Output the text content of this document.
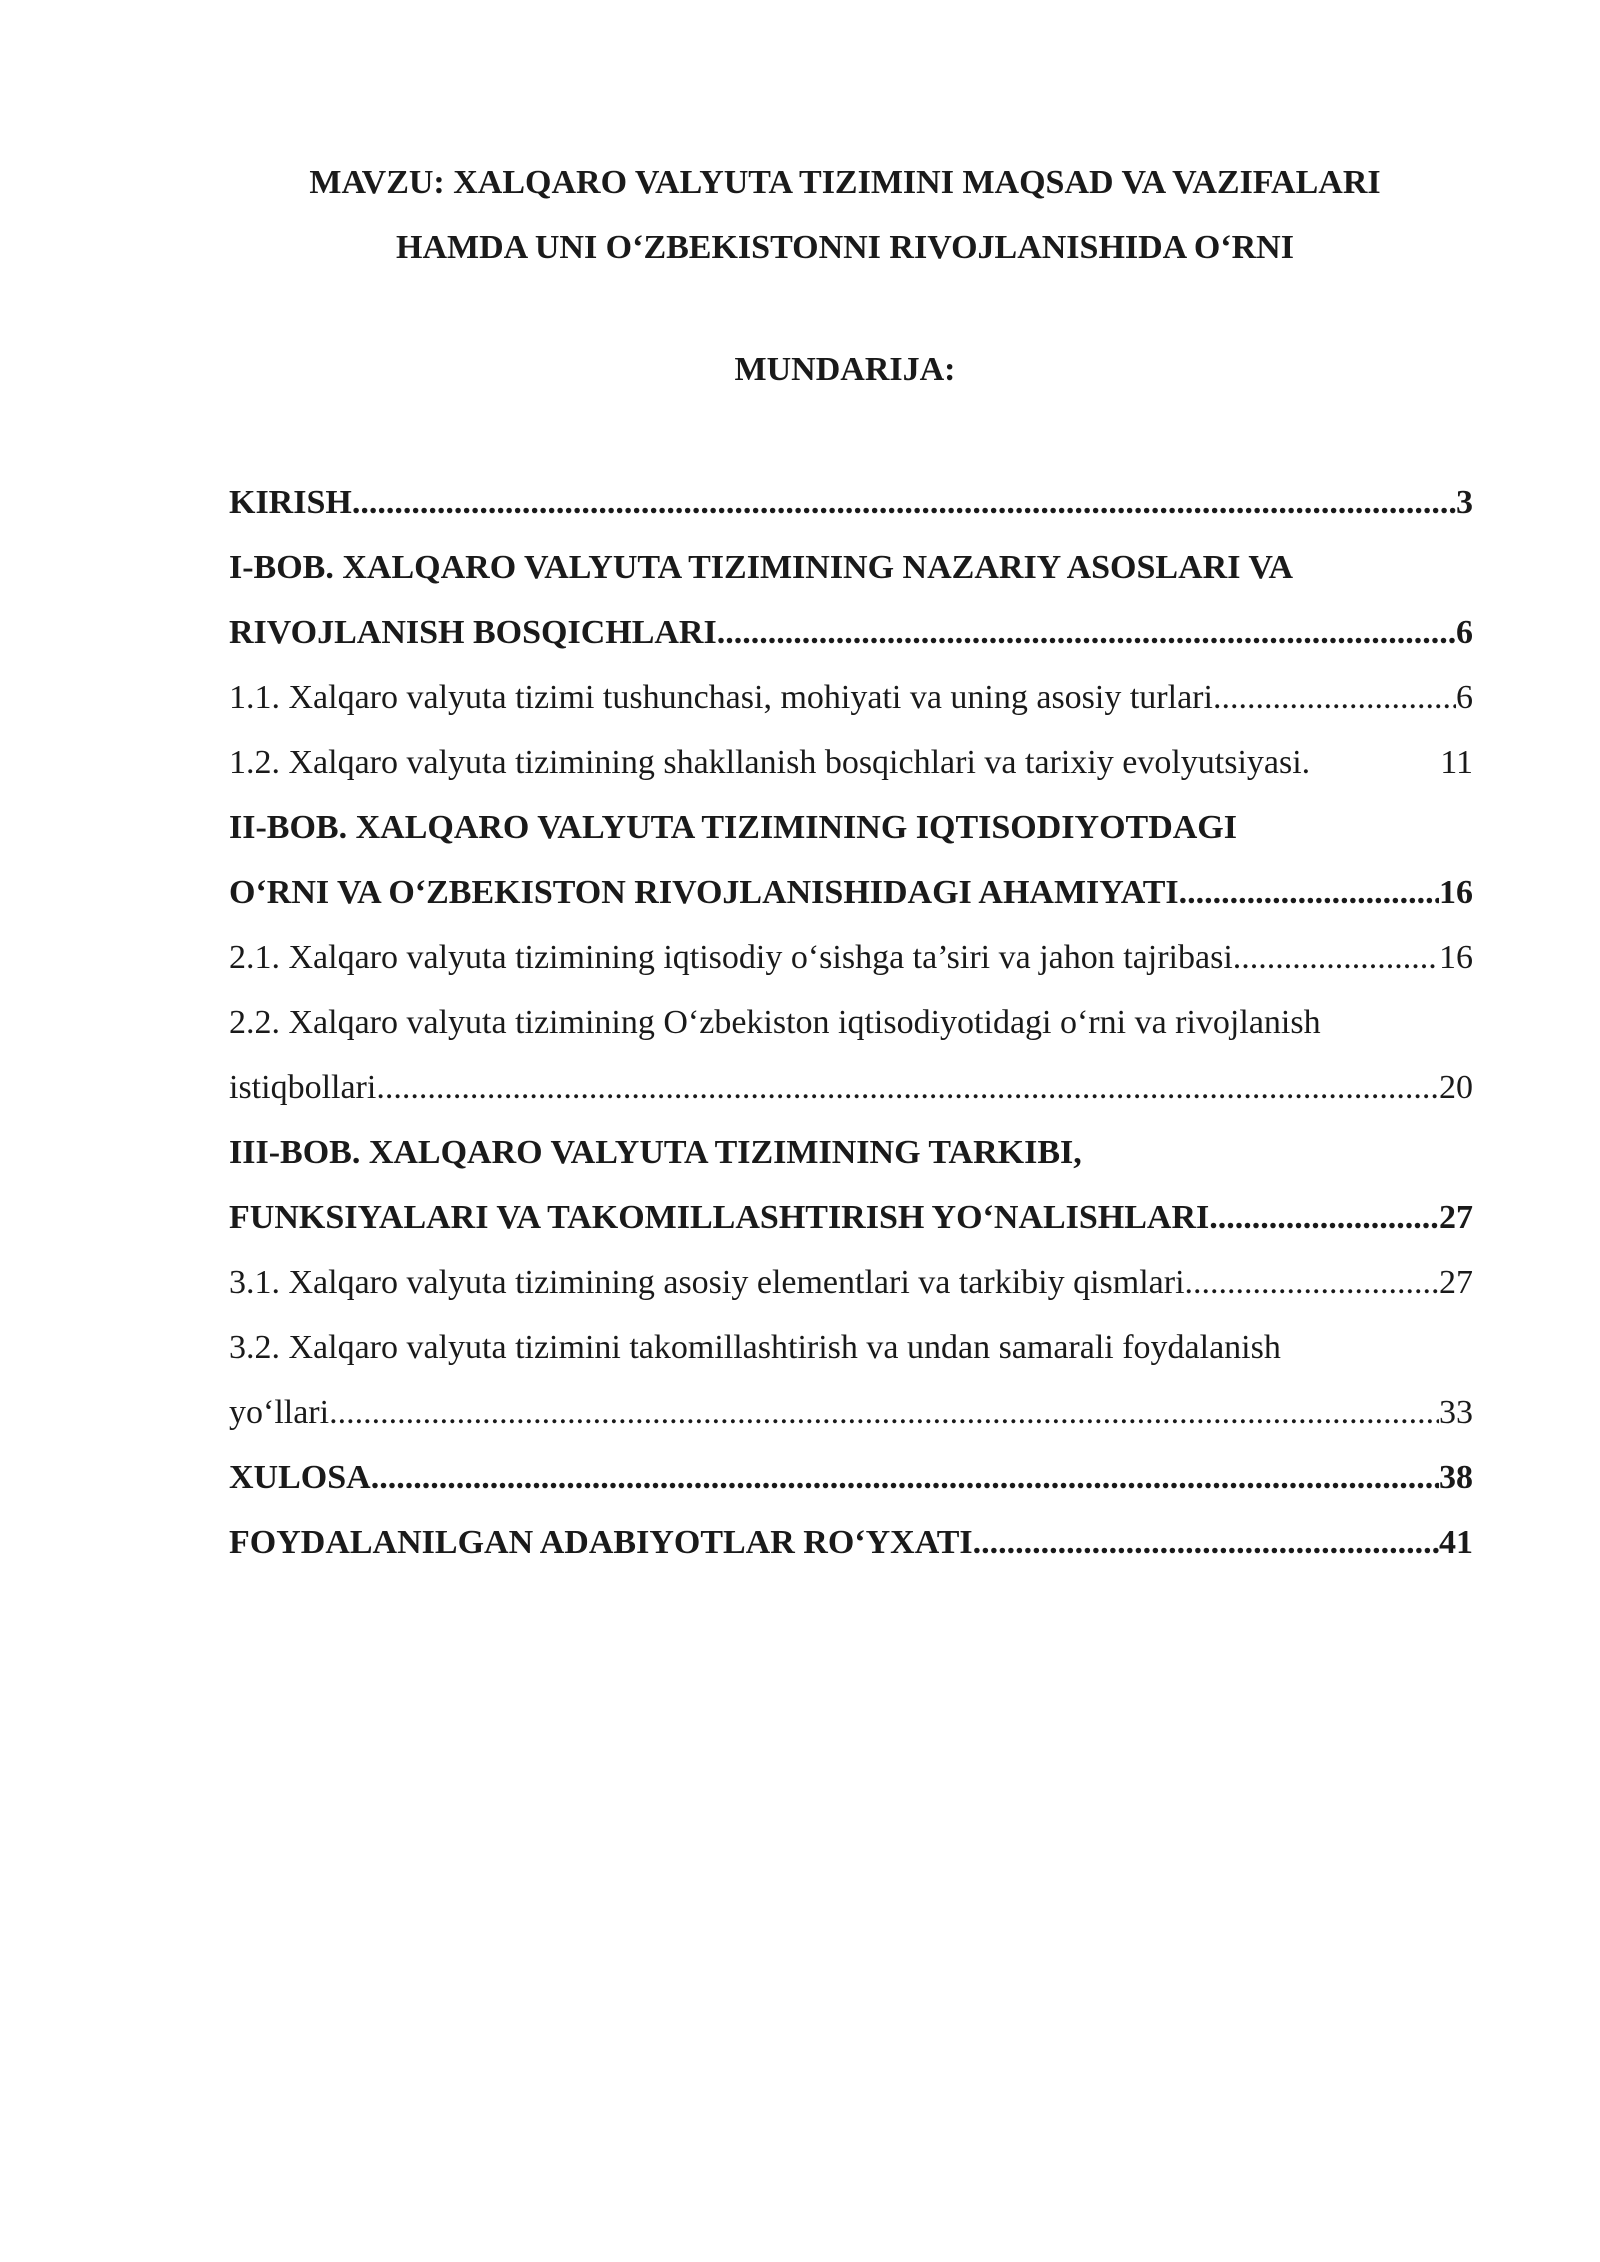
MAVZU: XALQARO VALYUTA TIZIMINI MAQSAD VA VAZIFALARI
HAMDA UNI O‘ZBEKISTONNI RIVOJLANISHIDA O‘RNI
MUNDARIJA:
KIRISH .....	3
I-BOB. XALQARO VALYUTA TIZIMINING NAZARIY ASOSLARI VA
RIVOJLANISH BOSQICHLARI .....	6
1.1. Xalqaro valyuta tizimi tushunchasi, mohiyati va uning asosiy turlari .....	6
1.2. Xalqaro valyuta tizimining shakllanish bosqichlari va tarixiy evolyutsiyasi.	11
II-BOB. XALQARO VALYUTA TIZIMINING IQTISODIYOTDAGI
O‘RNI VA O‘ZBEKISTON RIVOJLANISHIDAGI AHAMIYATI .....	16
2.1. Xalqaro valyuta tizimining iqtisodiy o‘sishga ta’siri va jahon tajribasi .....	16
2.2. Xalqaro valyuta tizimining O‘zbekiston iqtisodiyotidagi o‘rni va rivojlanish
istiqbollari .....	20
III-BOB. XALQARO VALYUTA TIZIMINING TARKIBI,
FUNKSIYALARI VA TAKOMILLASHTIRISH YO‘NALISHLARI .....	27
3.1. Xalqaro valyuta tizimining asosiy elementlari va tarkibiy qismlari .....	27
3.2. Xalqaro valyuta tizimini takomillashtirish va undan samarali foydalanish
yo‘llari .....	33
XULOSA .....	38
FOYDALANILGAN ADABIYOTLAR RO‘YXATI .....	41
